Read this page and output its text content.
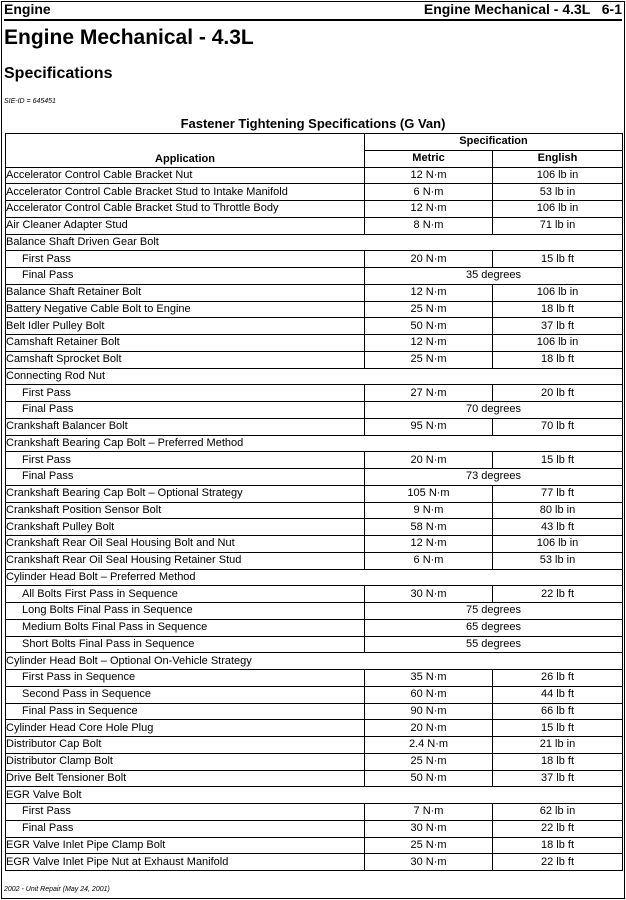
Engine	Engine Mechanical - 4.3L   6-1
Engine Mechanical - 4.3L
Specifications
SIE-ID = 645451
Fastener Tightening Specifications (G Van)
Application	Specification	
	Metric	English
Accelerator Control Cable Bracket Nut	12 N·m	106 lb in
Accelerator Control Cable Bracket Stud to Intake Manifold	6 N·m	53 lb in
Accelerator Control Cable Bracket Stud to Throttle Body	12 N·m	106 lb in
Air Cleaner Adapter Stud	8 N·m	71 lb in
Balance Shaft Driven Gear Bolt		
First Pass	20 N·m	15 lb ft
Final Pass	35 degrees	
Balance Shaft Retainer Bolt	12 N·m	106 lb in
Battery Negative Cable Bolt to Engine	25 N·m	18 lb ft
Belt Idler Pulley Bolt	50 N·m	37 lb ft
Camshaft Retainer Bolt	12 N·m	106 lb in
Camshaft Sprocket Bolt	25 N·m	18 lb ft
Connecting Rod Nut		
First Pass	27 N·m	20 lb ft
Final Pass	70 degrees	
Crankshaft Balancer Bolt	95 N·m	70 lb ft
Crankshaft Bearing Cap Bolt – Preferred Method		
First Pass	20 N·m	15 lb ft
Final Pass	73 degrees	
Crankshaft Bearing Cap Bolt – Optional Strategy	105 N·m	77 lb ft
Crankshaft Position Sensor Bolt	9 N·m	80 lb in
Crankshaft Pulley Bolt	58 N·m	43 lb ft
Crankshaft Rear Oil Seal Housing Bolt and Nut	12 N·m	106 lb in
Crankshaft Rear Oil Seal Housing Retainer Stud	6 N·m	53 lb in
Cylinder Head Bolt – Preferred Method		
All Bolts First Pass in Sequence	30 N·m	22 lb ft
Long Bolts Final Pass in Sequence	75 degrees	
Medium Bolts Final Pass in Sequence	65 degrees	
Short Bolts Final Pass in Sequence	55 degrees	
Cylinder Head Bolt – Optional On-Vehicle Strategy		
First Pass in Sequence	35 N·m	26 lb ft
Second Pass in Sequence	60 N·m	44 lb ft
Final Pass in Sequence	90 N·m	66 lb ft
Cylinder Head Core Hole Plug	20 N·m	15 lb ft
Distributor Cap Bolt	2.4 N·m	21 lb in
Distributor Clamp Bolt	25 N·m	18 lb ft
Drive Belt Tensioner Bolt	50 N·m	37 lb ft
EGR Valve Bolt		
First Pass	7 N·m	62 lb in
Final Pass	30 N·m	22 lb ft
EGR Valve Inlet Pipe Clamp Bolt	25 N·m	18 lb ft
EGR Valve Inlet Pipe Nut at Exhaust Manifold	30 N·m	22 lb ft
2002 - Unit Repair (May 24, 2001)
